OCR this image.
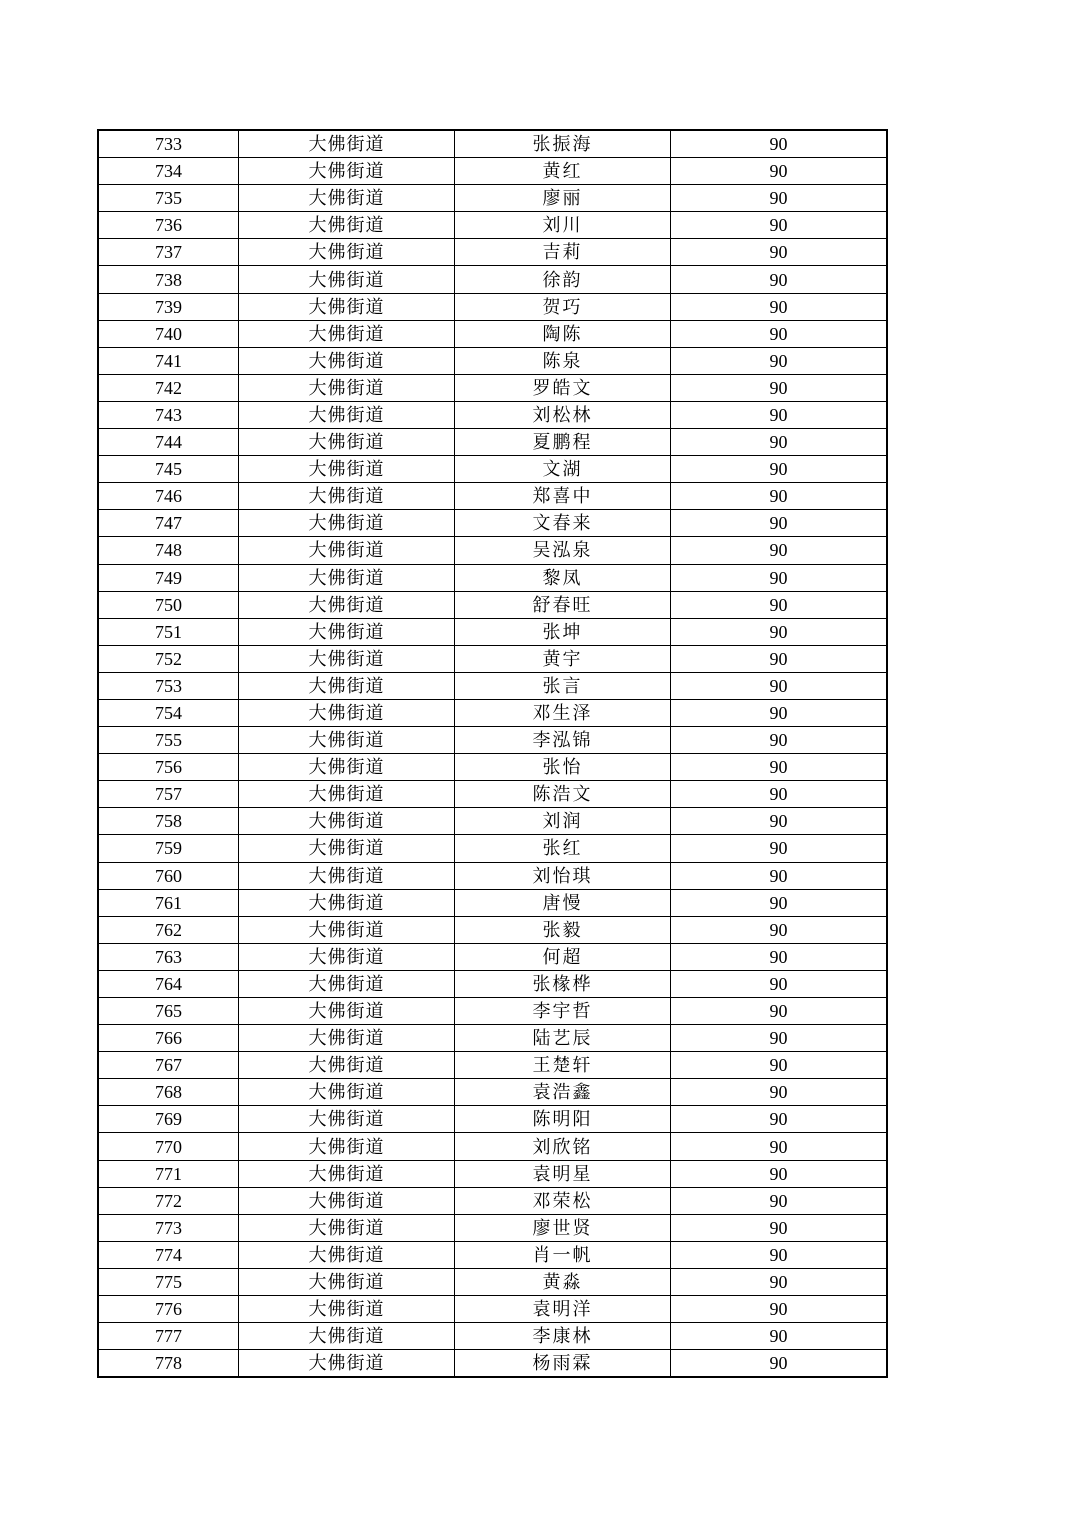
733	大佛街道	张振海	90
734	大佛街道	黄红	90
735	大佛街道	廖丽	90
736	大佛街道	刘川	90
737	大佛街道	吉莉	90
738	大佛街道	徐韵	90
739	大佛街道	贺巧	90
740	大佛街道	陶陈	90
741	大佛街道	陈泉	90
742	大佛街道	罗皓文	90
743	大佛街道	刘松林	90
744	大佛街道	夏鹏程	90
745	大佛街道	文湖	90
746	大佛街道	郑喜中	90
747	大佛街道	文春来	90
748	大佛街道	吴泓泉	90
749	大佛街道	黎凤	90
750	大佛街道	舒春旺	90
751	大佛街道	张坤	90
752	大佛街道	黄宇	90
753	大佛街道	张言	90
754	大佛街道	邓生泽	90
755	大佛街道	李泓锦	90
756	大佛街道	张怡	90
757	大佛街道	陈浩文	90
758	大佛街道	刘润	90
759	大佛街道	张红	90
760	大佛街道	刘怡琪	90
761	大佛街道	唐慢	90
762	大佛街道	张毅	90
763	大佛街道	何超	90
764	大佛街道	张椽桦	90
765	大佛街道	李宇哲	90
766	大佛街道	陆艺辰	90
767	大佛街道	王楚轩	90
768	大佛街道	袁浩鑫	90
769	大佛街道	陈明阳	90
770	大佛街道	刘欣铭	90
771	大佛街道	袁明星	90
772	大佛街道	邓荣松	90
773	大佛街道	廖世贤	90
774	大佛街道	肖一帆	90
775	大佛街道	黄淼	90
776	大佛街道	袁明洋	90
777	大佛街道	李康林	90
778	大佛街道	杨雨霖	90
